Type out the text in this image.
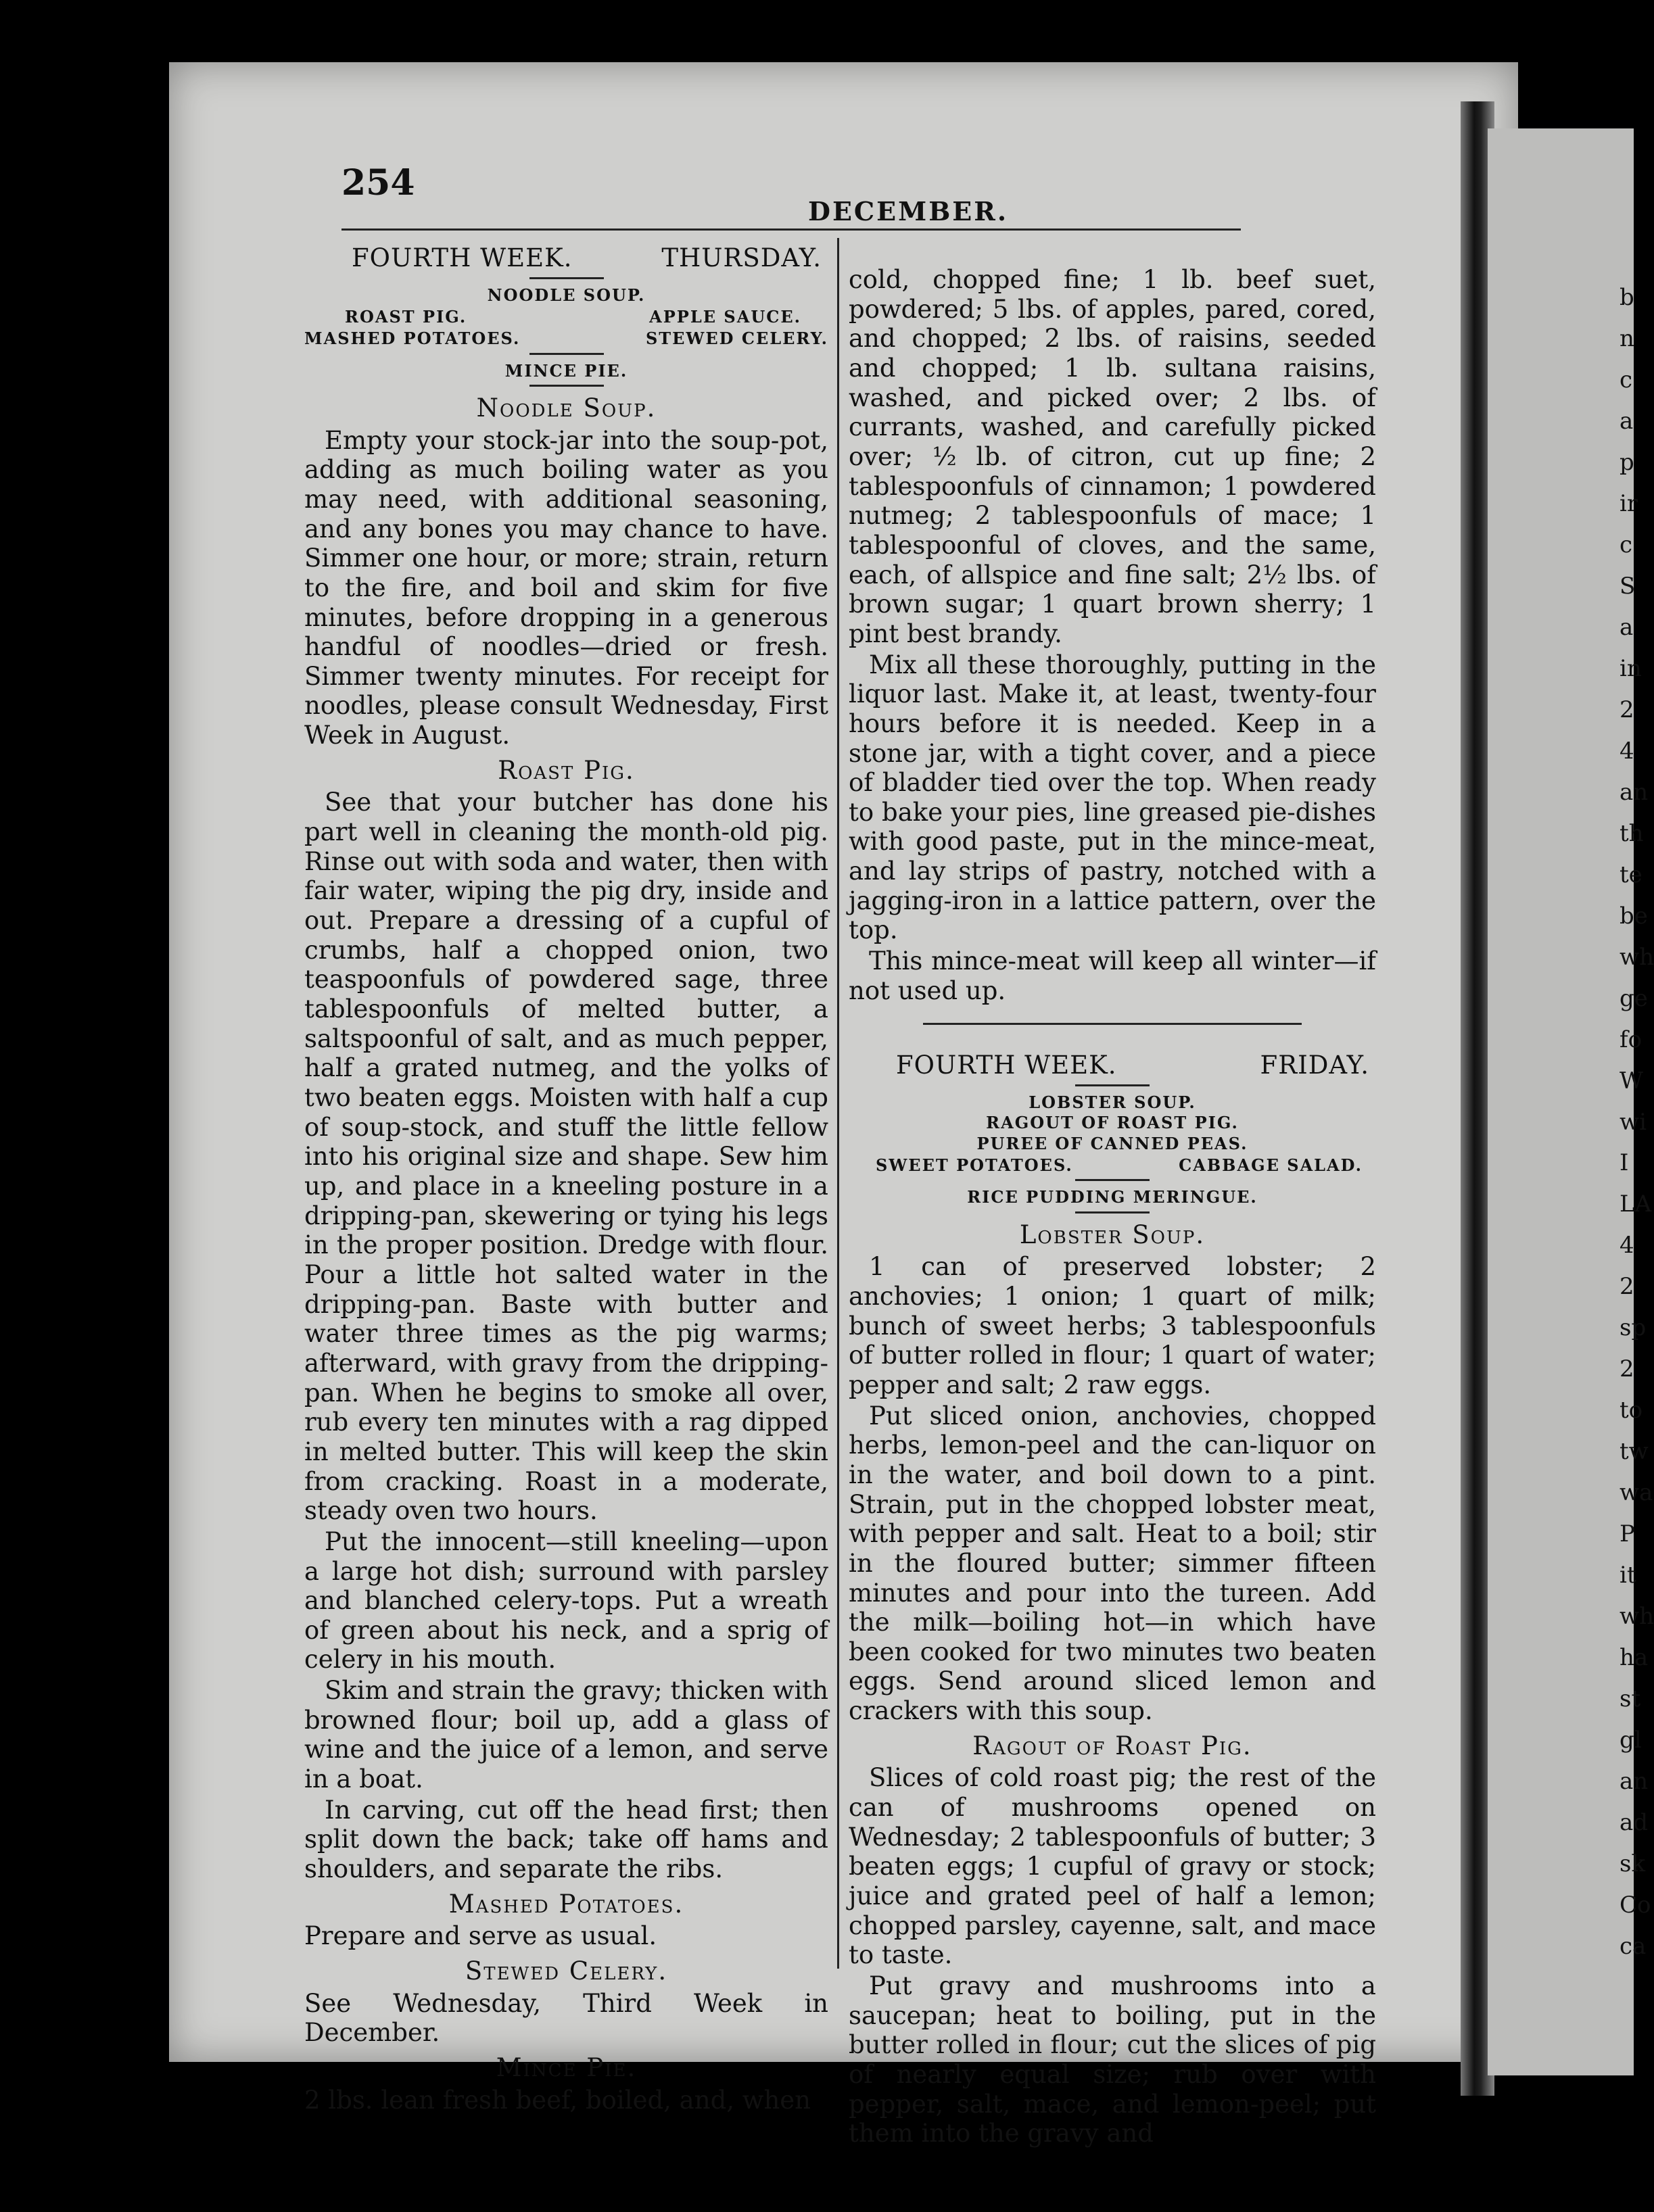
254
DECEMBER.
FOURTH WEEK.	THURSDAY.
NOODLE SOUP.
ROAST PIG.	APPLE SAUCE.
MASHED POTATOES.	STEWED CELERY.
MINCE PIE.
Noodle Soup.

Empty your stock-jar into the soup-pot, adding as much boiling water as you may need, with additional seasoning, and any bones you may chance to have. Simmer one hour, or more; strain, return to the fire, and boil and skim for five minutes, before dropping in a generous handful of noodles—dried or fresh. Simmer twenty minutes. For receipt for noodles, please consult Wednesday, First Week in August.

Roast Pig.

See that your butcher has done his part well in cleaning the month-old pig. Rinse out with soda and water, then with fair water, wiping the pig dry, inside and out. Prepare a dressing of a cupful of crumbs, half a chopped onion, two teaspoonfuls of powdered sage, three tablespoonfuls of melted butter, a saltspoonful of salt, and as much pepper, half a grated nutmeg, and the yolks of two beaten eggs. Moisten with half a cup of soup-stock, and stuff the little fellow into his original size and shape. Sew him up, and place in a kneeling posture in a dripping-pan, skewering or tying his legs in the proper position. Dredge with flour. Pour a little hot salted water in the dripping-pan. Baste with butter and water three times as the pig warms; afterward, with gravy from the dripping-pan. When he begins to smoke all over, rub every ten minutes with a rag dipped in melted butter. This will keep the skin from cracking. Roast in a moderate, steady oven two hours.

Put the innocent—still kneeling—upon a large hot dish; surround with parsley and blanched celery-tops. Put a wreath of green about his neck, and a sprig of celery in his mouth.

Skim and strain the gravy; thicken with browned flour; boil up, add a glass of wine and the juice of a lemon, and serve in a boat.

In carving, cut off the head first; then split down the back; take off hams and shoulders, and separate the ribs.

Mashed Potatoes.

Prepare and serve as usual.

Stewed Celery.

See Wednesday, Third Week in December.

Mince Pie.

2 lbs. lean fresh beef, boiled, and, when

cold, chopped fine; 1 lb. beef suet, powdered; 5 lbs. of apples, pared, cored, and chopped; 2 lbs. of raisins, seeded and chopped; 1 lb. sultana raisins, washed, and picked over; 2 lbs. of currants, washed, and carefully picked over; ½ lb. of citron, cut up fine; 2 tablespoonfuls of cinnamon; 1 powdered nutmeg; 2 tablespoonfuls of mace; 1 tablespoonful of cloves, and the same, each, of allspice and fine salt; 2½ lbs. of brown sugar; 1 quart brown sherry; 1 pint best brandy.

Mix all these thoroughly, putting in the liquor last. Make it, at least, twenty-four hours before it is needed. Keep in a stone jar, with a tight cover, and a piece of bladder tied over the top. When ready to bake your pies, line greased pie-dishes with good paste, put in the mince-meat, and lay strips of pastry, notched with a jagging-iron in a lattice pattern, over the top.

This mince-meat will keep all winter—if not used up.

FOURTH WEEK.	FRIDAY.
LOBSTER SOUP.
RAGOUT OF ROAST PIG.
PUREE OF CANNED PEAS.
SWEET POTATOES.	CABBAGE SALAD.
RICE PUDDING MERINGUE.
Lobster Soup.

1 can of preserved lobster; 2 anchovies; 1 onion; 1 quart of milk; bunch of sweet herbs; 3 tablespoonfuls of butter rolled in flour; 1 quart of water; pepper and salt; 2 raw eggs.

Put sliced onion, anchovies, chopped herbs, lemon-peel and the can-liquor on in the water, and boil down to a pint. Strain, put in the chopped lobster meat, with pepper and salt. Heat to a boil; stir in the floured butter; simmer fifteen minutes and pour into the tureen. Add the milk—boiling hot—in which have been cooked for two minutes two beaten eggs. Send around sliced lemon and crackers with this soup.

Ragout of Roast Pig.

Slices of cold roast pig; the rest of the can of mushrooms opened on Wednesday; 2 tablespoonfuls of butter; 3 beaten eggs; 1 cupful of gravy or stock; juice and grated peel of half a lemon; chopped parsley, cayenne, salt, and mace to taste.

Put gravy and mushrooms into a saucepan; heat to boiling, put in the butter rolled in flour; cut the slices of pig of nearly equal size; rub over with pepper, salt, mace, and lemon-peel; put them into the gravy and

b
n
c
a
p
ir
c
S
a
in
2
4
an
th
te
be
wh
ge
fo
W
wi
I
LA
4
2
sp
2
to
tw
wa
P
it
wh
ha
st
gl
an
ad
sk
Co
ca
